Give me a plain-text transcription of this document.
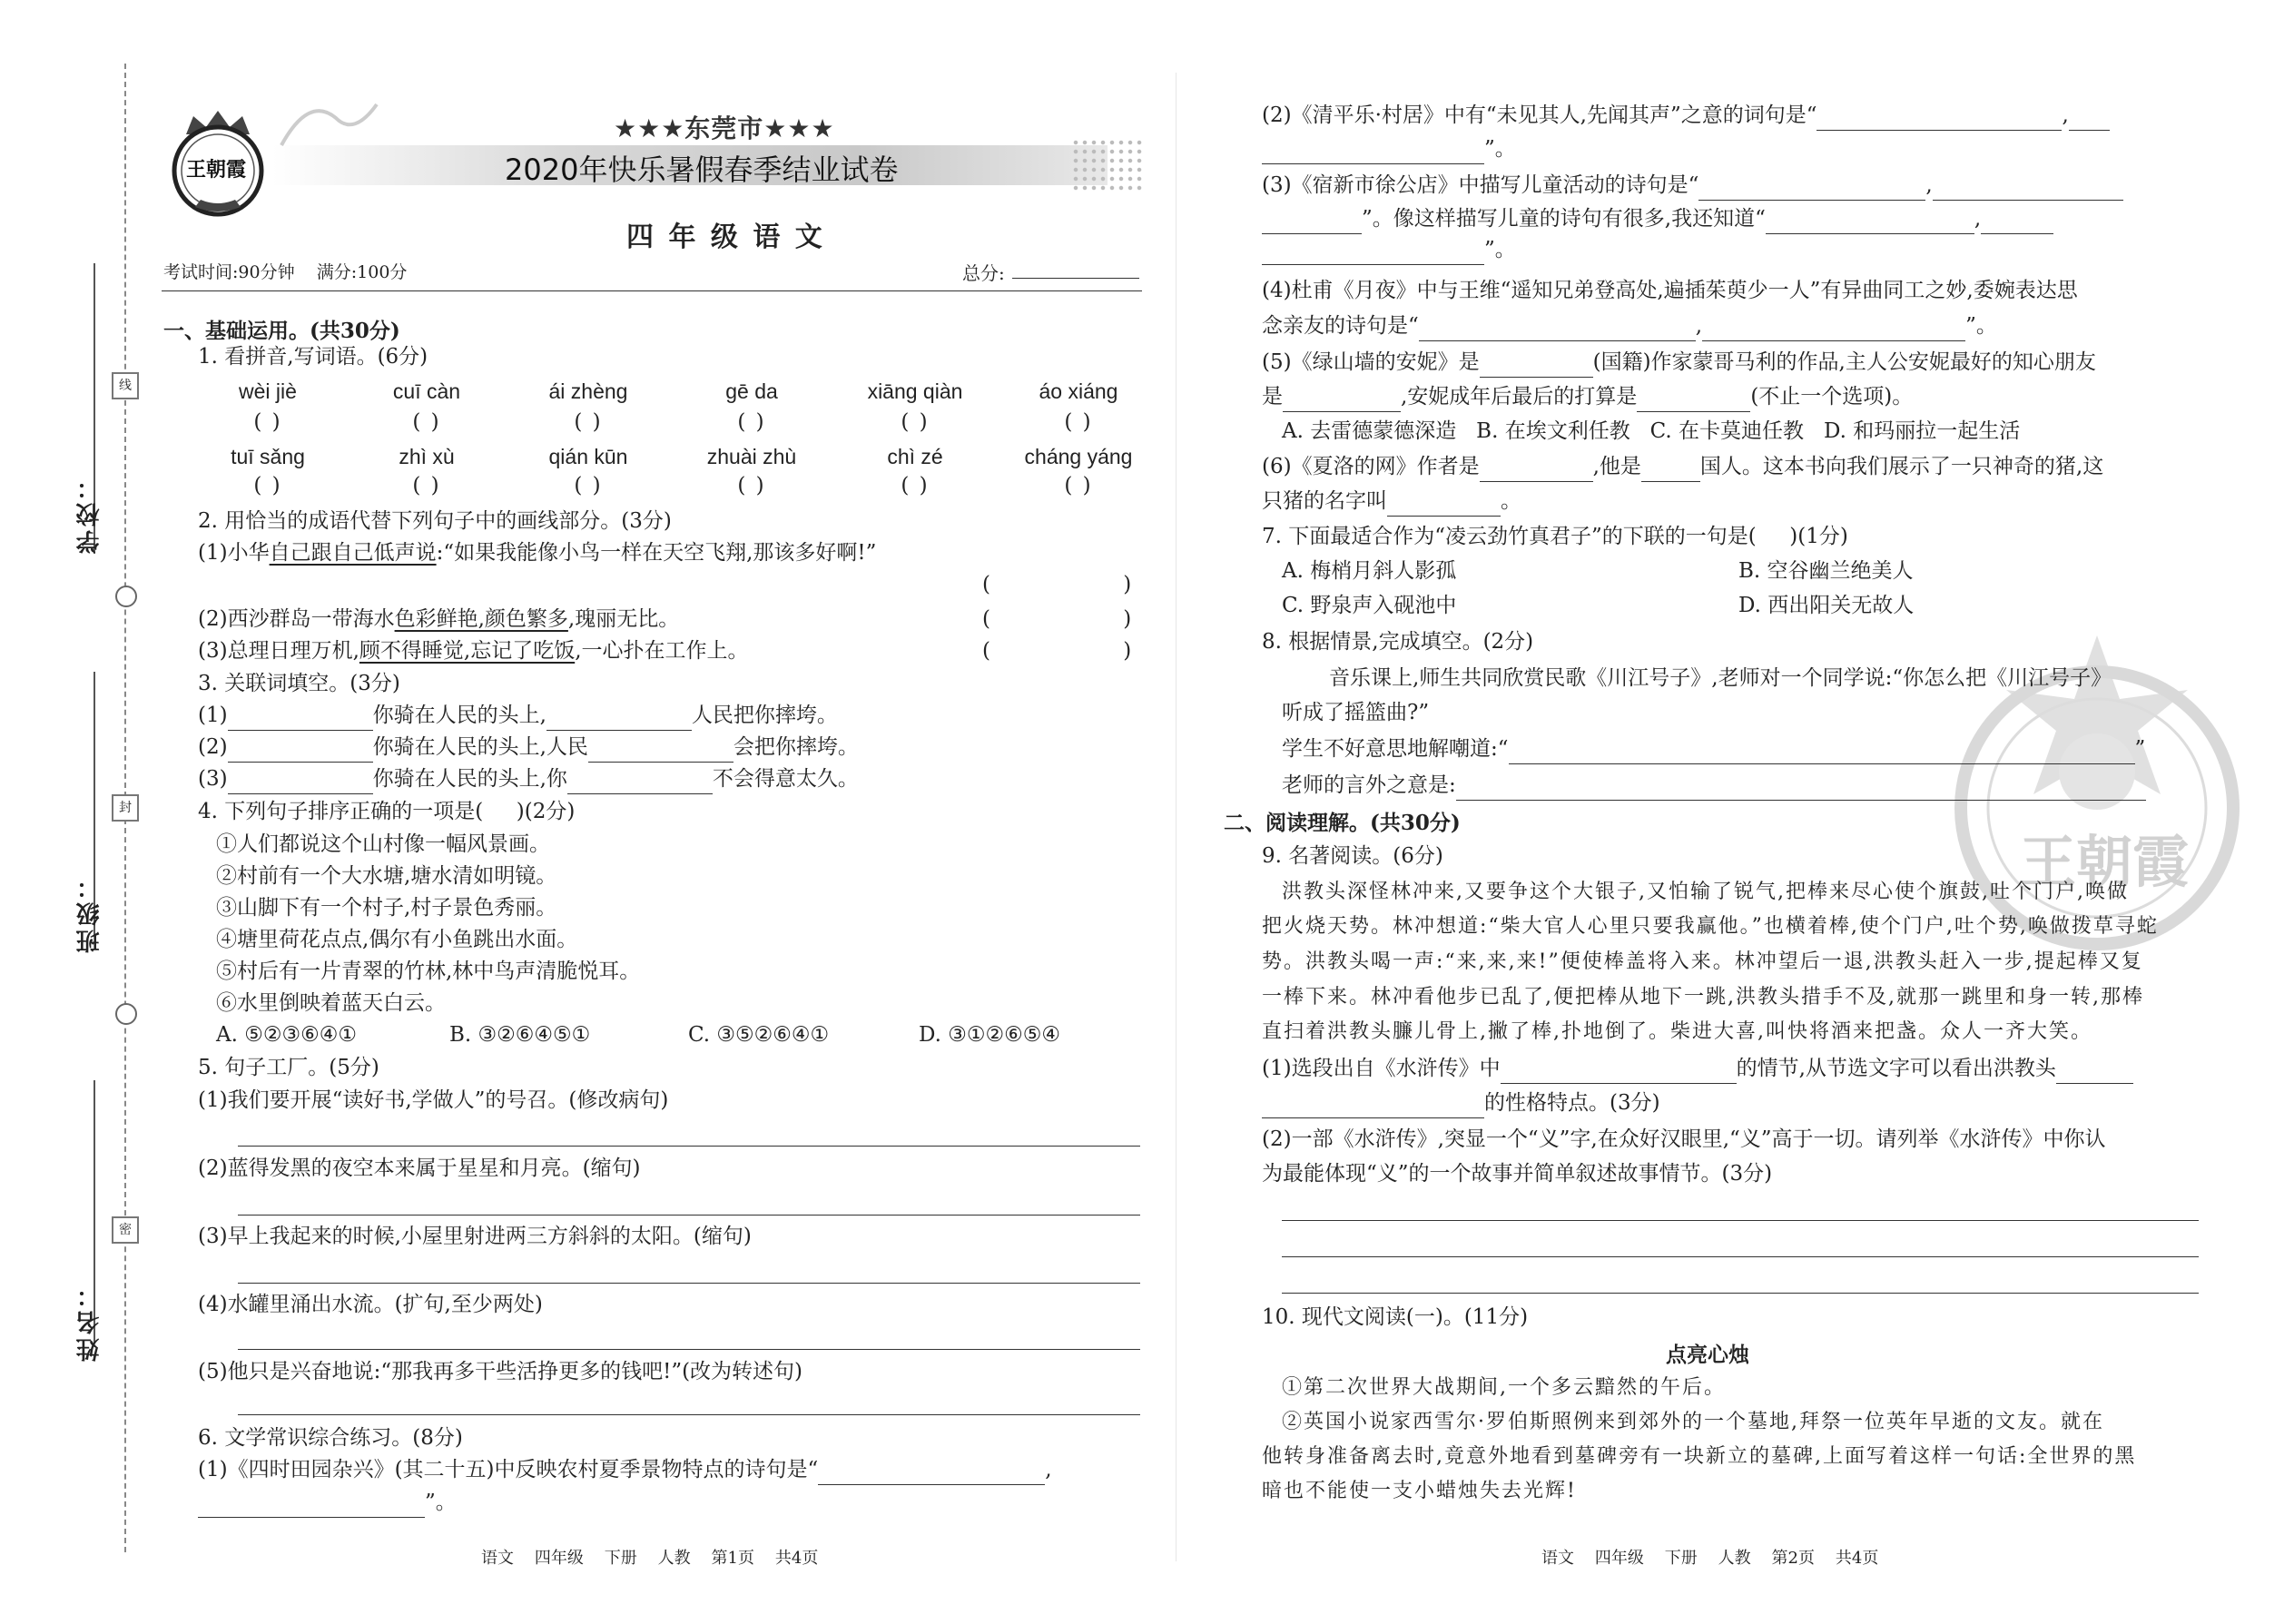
学校：
班级：
姓名：
线
封
密
王朝霞
★★★东莞市★★★
2020年快乐暑假春季结业试卷
四 年 级 语 文
考试时间:90分钟    满分:100分	总分:
一、基础运用。(共30分)
1. 看拼音,写词语。(6分)
wèi jiè	cuī càn	ái zhèng	gē da	xiāng qiàn	áo xiáng
( )	( )	( )	( )	( )	( )
tuī sǎng	zhì xù	qián kūn	zhuài zhù	chì zé	cháng yáng
( )	( )	( )	( )	( )	( )
2. 用恰当的成语代替下列句子中的画线部分。(3分)
(1)小华自己跟自己低声说:“如果我能像小鸟一样在天空飞翔,那该多好啊!”
(                    )
(2)西沙群岛一带海水色彩鲜艳,颜色繁多,瑰丽无比。	(                    )
(3)总理日理万机,顾不得睡觉,忘记了吃饭,一心扑在工作上。	(                    )
3. 关联词填空。(3分)
(1)	你骑在人民的头上,	人民把你摔垮。
(2)	你骑在人民的头上,人民	会把你摔垮。
(3)	你骑在人民的头上,你	不会得意太久。
4. 下列句子排序正确的一项是(     )(2分)
①人们都说这个山村像一幅风景画。
②村前有一个大水塘,塘水清如明镜。
③山脚下有一个村子,村子景色秀丽。
④塘里荷花点点,偶尔有小鱼跳出水面。
⑤村后有一片青翠的竹林,林中鸟声清脆悦耳。
⑥水里倒映着蓝天白云。
A. ⑤②③⑥④①	B. ③②⑥④⑤①	C. ③⑤②⑥④①	D. ③①②⑥⑤④
5. 句子工厂。(5分)
(1)我们要开展“读好书,学做人”的号召。(修改病句)
(2)蓝得发黑的夜空本来属于星星和月亮。(缩句)
(3)早上我起来的时候,小屋里射进两三方斜斜的太阳。(缩句)
(4)水罐里涌出水流。(扩句,至少两处)
(5)他只是兴奋地说:“那我再多干些活挣更多的钱吧!”(改为转述句)
6. 文学常识综合练习。(8分)
(1)《四时田园杂兴》(其二十五)中反映农村夏季景物特点的诗句是“	,
”。
语文    四年级    下册    人教    第1页    共4页
王朝霞
(2)《清平乐·村居》中有“未见其人,先闻其声”之意的词句是“	,
”。
(3)《宿新市徐公店》中描写儿童活动的诗句是“	,
”。像这样描写儿童的诗句有很多,我还知道“	,
”。
(4)杜甫《月夜》中与王维“遥知兄弟登高处,遍插茱萸少一人”有异曲同工之妙,委婉表达思
念亲友的诗句是“	,	”。
(5)《绿山墙的安妮》是	(国籍)作家蒙哥马利的作品,主人公安妮最好的知心朋友
是	,安妮成年后最后的打算是	(不止一个选项)。
A. 去雷德蒙德深造   B. 在埃文利任教   C. 在卡莫迪任教   D. 和玛丽拉一起生活
(6)《夏洛的网》作者是	,他是	国人。这本书向我们展示了一只神奇的猪,这
只猪的名字叫	。
7. 下面最适合作为“凌云劲竹真君子”的下联的一句是(     )(1分)
A. 梅梢月斜人影孤	B. 空谷幽兰绝美人
C. 野泉声入砚池中	D. 西出阳关无故人
8. 根据情景,完成填空。(2分)
音乐课上,师生共同欣赏民歌《川江号子》,老师对一个同学说:“你怎么把《川江号子》
听成了摇篮曲?”
学生不好意思地解嘲道:“	”
老师的言外之意是:
二、阅读理解。(共30分)
9. 名著阅读。(6分)
洪教头深怪林冲来,又要争这个大银子,又怕输了锐气,把棒来尽心使个旗鼓,吐个门户,唤做
把火烧天势。林冲想道:“柴大官人心里只要我赢他。”也横着棒,使个门户,吐个势,唤做拨草寻蛇
势。洪教头喝一声:“来,来,来!”便使棒盖将入来。林冲望后一退,洪教头赶入一步,提起棒又复
一棒下来。林冲看他步已乱了,便把棒从地下一跳,洪教头措手不及,就那一跳里和身一转,那棒
直扫着洪教头臁儿骨上,撇了棒,扑地倒了。柴进大喜,叫快将酒来把盏。众人一齐大笑。
(1)选段出自《水浒传》中	的情节,从节选文字可以看出洪教头
的性格特点。(3分)
(2)一部《水浒传》,突显一个“义”字,在众好汉眼里,“义”高于一切。请列举《水浒传》中你认
为最能体现“义”的一个故事并简单叙述故事情节。(3分)
10. 现代文阅读(一)。(11分)
点亮心烛
①第二次世界大战期间,一个多云黯然的午后。
②英国小说家西雪尔·罗伯斯照例来到郊外的一个墓地,拜祭一位英年早逝的文友。就在
他转身准备离去时,竟意外地看到墓碑旁有一块新立的墓碑,上面写着这样一句话:全世界的黑
暗也不能使一支小蜡烛失去光辉!
语文    四年级    下册    人教    第2页    共4页
